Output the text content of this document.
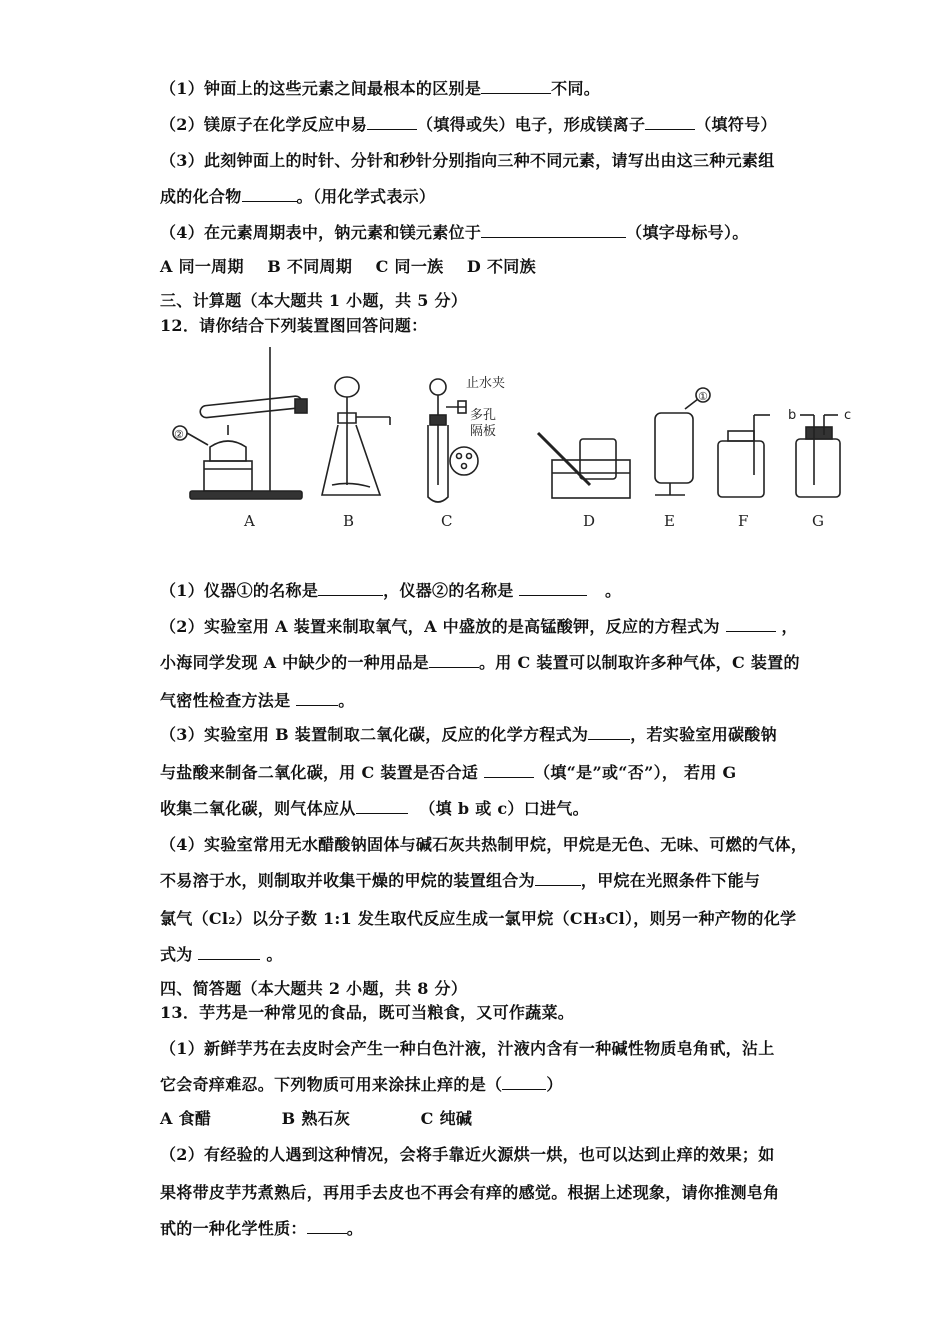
（1）钟面上的这些元素之间最根本的区别是	不同。
（2）镁原子在化学反应中易	（填得或失）电子，形成镁离子	（填符号）
（3）此刻钟面上的时针、分针和秒针分别指向三种不同元素，请写出由这三种元素组
成的化合物	。（用化学式表示）
（4）在元素周期表中，钠元素和镁元素位于	（填字母标号）。
A 同一周期    B 不同周期    C 同一族    D 不同族
三、计算题（本大题共 1 小题，共 5 分）
12．请你结合下列装置图回答问题：
止水夹
多孔
隔板
①
②
b	c
A	B	C	D	E	F	G
（1）仪器①的名称是	，仪器②的名称是	。
（2）实验室用 A 装置来制取氧气，A 中盛放的是高锰酸钾，反应的方程式为	，
小海同学发现 A 中缺少的一种用品是	。用 C 装置可以制取许多种气体，C 装置的
气密性检查方法是	。
（3）实验室用 B 装置制取二氧化碳，反应的化学方程式为	，若实验室用碳酸钠
与盐酸来制备二氧化碳，用 C 装置是否合适	（填“是”或“否”）， 若用 G
收集二氧化碳，则气体应从	（填 b 或 c）口进气。
（4）实验室常用无水醋酸钠固体与碱石灰共热制甲烷，甲烷是无色、无味、可燃的气体，
不易溶于水，则制取并收集干燥的甲烷的装置组合为	，甲烷在光照条件下能与
氯气（Cl₂）以分子数 1:1 发生取代反应生成一氯甲烷（CH₃Cl），则另一种产物的化学
式为	。
四、简答题（本大题共 2 小题，共 8 分）
13．芋艿是一种常见的食品，既可当粮食，又可作蔬菜。
（1）新鲜芋艿在去皮时会产生一种白色汁液，汁液内含有一种碱性物质皂角甙，沾上
它会奇痒难忍。下列物质可用来涂抹止痒的是（	）
A 食醋            B 熟石灰            C 纯碱
（2）有经验的人遇到这种情况，会将手靠近火源烘一烘，也可以达到止痒的效果；如
果将带皮芋艿煮熟后，再用手去皮也不再会有痒的感觉。根据上述现象，请你推测皂角
甙的一种化学性质：	。
